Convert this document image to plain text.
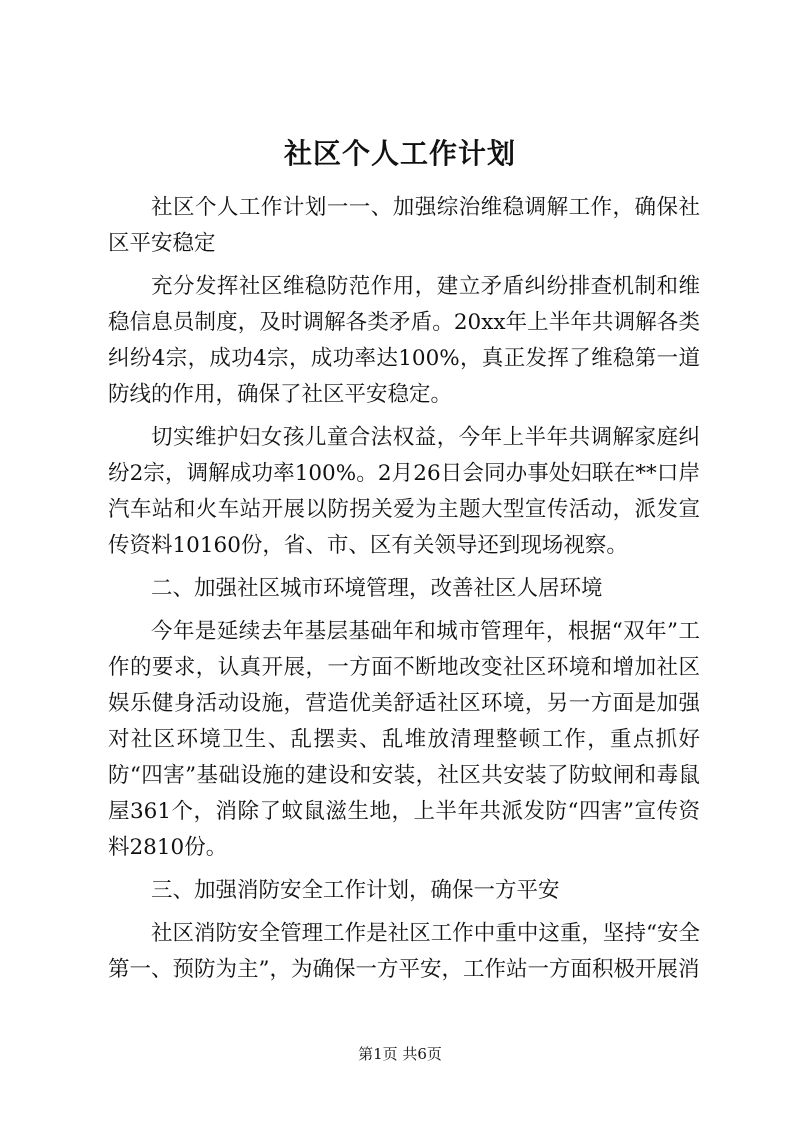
社区个人工作计划

社区个人工作计划一一、加强综治维稳调解工作，确保社区平安稳定

充分发挥社区维稳防范作用，建立矛盾纠纷排查机制和维稳信息员制度，及时调解各类矛盾。20xx年上半年共调解各类纠纷4宗，成功4宗，成功率达100%，真正发挥了维稳第一道防线的作用，确保了社区平安稳定。

切实维护妇女孩儿童合法权益，今年上半年共调解家庭纠纷2宗，调解成功率100%。2月26日会同办事处妇联在**口岸汽车站和火车站开展以防拐关爱为主题大型宣传活动，派发宣传资料10160份，省、市、区有关领导还到现场视察。

二、加强社区城市环境管理，改善社区人居环境

今年是延续去年基层基础年和城市管理年，根据“双年”工作的要求，认真开展，一方面不断地改变社区环境和增加社区娱乐健身活动设施，营造优美舒适社区环境，另一方面是加强对社区环境卫生、乱摆卖、乱堆放清理整顿工作，重点抓好防“四害”基础设施的建设和安装，社区共安装了防蚊闸和毒鼠屋361个，消除了蚊鼠滋生地，上半年共派发防“四害”宣传资料2810份。

三、加强消防安全工作计划，确保一方平安

社区消防安全管理工作是社区工作中重中这重，坚持“安全第一、预防为主”，为确保一方平安，工作站一方面积极开展消

第1页 共6页
